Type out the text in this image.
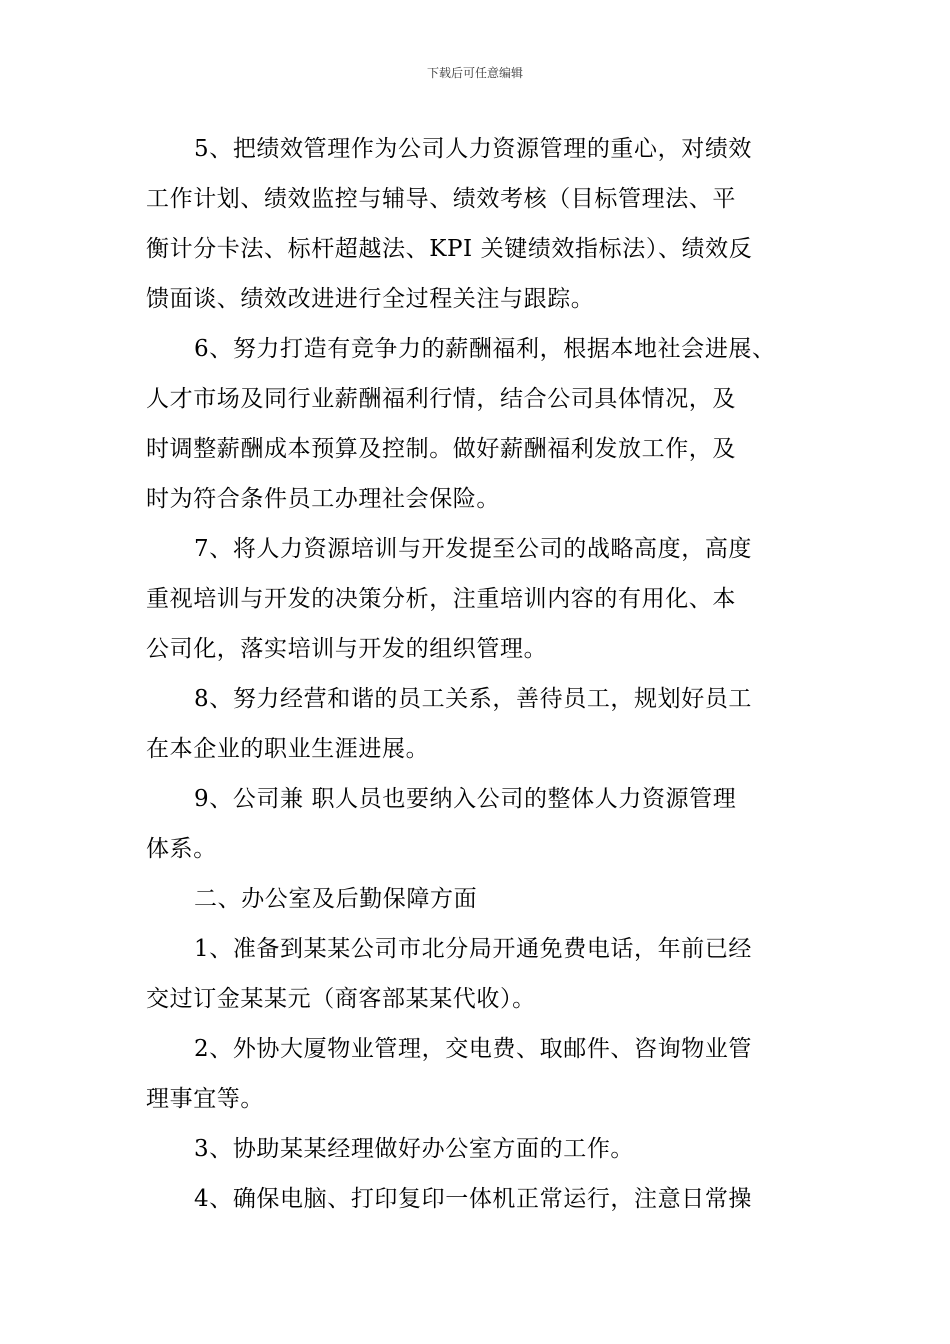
下载后可任意编辑
5、把绩效管理作为公司人力资源管理的重心，对绩效
工作计划、绩效监控与辅导、绩效考核（目标管理法、平
衡计分卡法、标杆超越法、KPI 关键绩效指标法）、绩效反
馈面谈、绩效改进进行全过程关注与跟踪。
6、努力打造有竞争力的薪酬福利，根据本地社会进展、
人才市场及同行业薪酬福利行情，结合公司具体情况，及
时调整薪酬成本预算及控制。做好薪酬福利发放工作，及
时为符合条件员工办理社会保险。
7、将人力资源培训与开发提至公司的战略高度，高度
重视培训与开发的决策分析，注重培训内容的有用化、本
公司化，落实培训与开发的组织管理。
8、努力经营和谐的员工关系，善待员工，规划好员工
在本企业的职业生涯进展。
9、公司兼 职人员也要纳入公司的整体人力资源管理
体系。
二、办公室及后勤保障方面
1、准备到某某公司市北分局开通免费电话，年前已经
交过订金某某元（商客部某某代收）。
2、外协大厦物业管理，交电费、取邮件、咨询物业管
理事宜等。
3、协助某某经理做好办公室方面的工作。
4、确保电脑、打印复印一体机正常运行，注意日常操
